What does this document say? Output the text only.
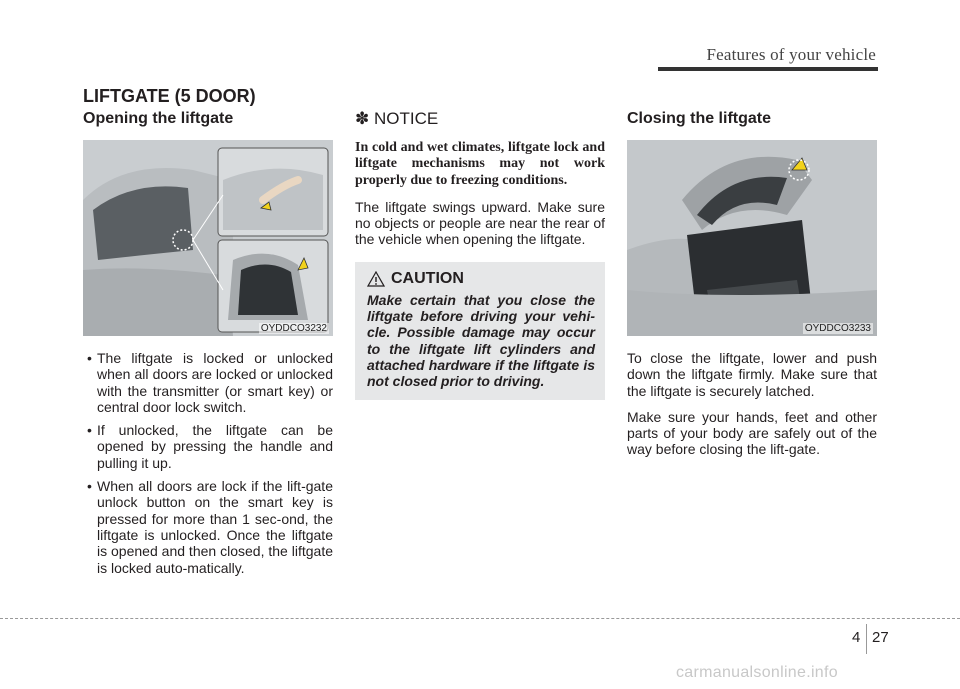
Features of your vehicle
LIFTGATE (5 DOOR)
Opening the liftgate
OYDDCO3232
• The liftgate is locked or unlocked when all doors are locked or unlocked with the transmitter (or smart key) or central door lock switch.
• If unlocked, the liftgate can be opened by pressing the handle and pulling it up.
• When all doors are lock if the lift-gate unlock button on the smart key is pressed for more than 1 sec-ond, the liftgate is unlocked. Once the liftgate is opened and then closed, the liftgate is locked auto-matically.
✽ NOTICE

In cold and wet climates, liftgate lock and liftgate mechanisms may not work properly due to freezing conditions.

The liftgate swings upward. Make sure no objects or people are near the rear of the vehicle when opening the liftgate.

CAUTION

Make certain that you close the liftgate before driving your vehi-cle. Possible damage may occur to the liftgate lift cylinders and attached hardware if the liftgate is not closed prior to driving.

Closing the liftgate
OYDDCO3233

To close the liftgate, lower and push down the liftgate firmly. Make sure that the liftgate is securely latched.

Make sure your hands, feet and other parts of your body are safely out of the way before closing the lift-gate.

4 27
carmanualsonline.info
